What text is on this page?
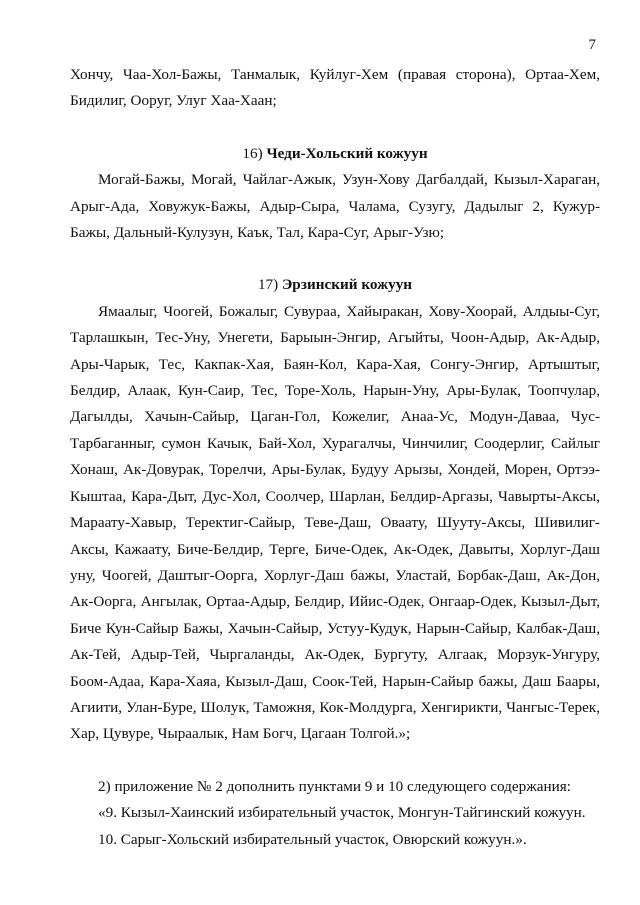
7

Хончу, Чаа-Хол-Бажы, Танмалык, Куйлуг-Хем (правая сторона), Ортаа-Хем, Бидилиг, Ооруг, Улуг Хаа-Хаан;

16) Чеди-Хольский кожуун

Могай-Бажы, Могай, Чайлаг-Ажык, Узун-Хову Дагбалдай, Кызыл-Хараган, Арыг-Ада, Ховужук-Бажы, Адыр-Сыра, Чалама, Сузугу, Дадылыг 2, Кужур-Бажы, Дальный-Кулузун, Каък, Тал, Кара-Суг, Арыг-Узю;

17) Эрзинский кожуун

Ямаалыг, Чоогей, Божалыг, Сувураа, Хайыракан, Хову-Хоорай, Алдыы-Суг, Тарлашкын, Тес-Уну, Унегети, Барыын-Энгир, Агыйты, Чоон-Адыр, Ак-Адыр, Ары-Чарык, Тес, Какпак-Хая, Баян-Кол, Кара-Хая, Сонгу-Энгир, Артыштыг, Белдир, Алаак, Кун-Саир, Тес, Торе-Холь, Нарын-Уну, Ары-Булак, Тоопчулар, Дагылды, Хачын-Сайыр, Цаган-Гол, Кожелиг, Анаа-Ус, Модун-Даваа, Чус-Тарбаганныг, сумон Качык, Бай-Хол, Хурагалчы, Чинчилиг, Соодерлиг, Сайлыг Хонаш, Ак-Довурак, Торелчи, Ары-Булак, Будуу Арызы, Хондей, Морен, Ортээ-Кыштаа, Кара-Дыт, Дус-Хол, Соолчер, Шарлан, Белдир-Аргазы, Чавырты-Аксы, Мараату-Хавыр, Теректиг-Сайыр, Теве-Даш, Оваату, Шууту-Аксы, Шивилиг-Аксы, Кажаату, Биче-Белдир, Терге, Биче-Одек, Ак-Одек, Давыты, Хорлуг-Даш уну, Чоогей, Даштыг-Оорга, Хорлуг-Даш бажы, Уластай, Борбак-Даш, Ак-Дон, Ак-Оорга, Ангылак, Ортаа-Адыр, Белдир, Ийис-Одек, Онгаар-Одек, Кызыл-Дыт, Биче Кун-Сайыр Бажы, Хачын-Сайыр, Устуу-Кудук, Нарын-Сайыр, Калбак-Даш, Ак-Тей, Адыр-Тей, Чыргаланды, Ак-Одек, Бургуту, Алгаак, Морзук-Унгуру, Боом-Адаа, Кара-Хаяа, Кызыл-Даш, Соок-Тей, Нарын-Сайыр бажы, Даш Баары, Агиити, Улан-Буре, Шолук, Таможня, Кок-Молдурга, Хенгирикти, Чангыс-Терек, Хар, Цувуре, Чыраалык, Нам Богч, Цагаан Толгой.»;

2) приложение № 2 дополнить пунктами 9 и 10 следующего содержания:

«9. Кызыл-Хаинский избирательный участок, Монгун-Тайгинский кожуун.

10. Сарыг-Хольский избирательный участок, Овюрский кожуун.».
